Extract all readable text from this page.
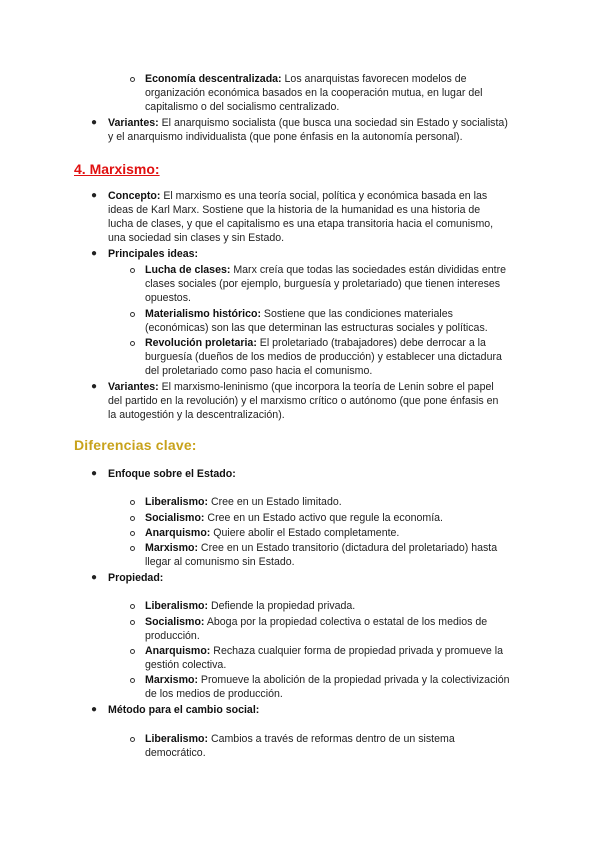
Economía descentralizada: Los anarquistas favorecen modelos de
organización económica basados en la cooperación mutua, en lugar del
capitalismo o del socialismo centralizado.
● Variantes: El anarquismo socialista (que busca una sociedad sin Estado y socialista)
y el anarquismo individualista (que pone énfasis en la autonomía personal).
4. Marxismo:
● Concepto: El marxismo es una teoría social, política y económica basada en las
ideas de Karl Marx. Sostiene que la historia de la humanidad es una historia de
lucha de clases, y que el capitalismo es una etapa transitoria hacia el comunismo,
una sociedad sin clases y sin Estado.
● Principales ideas:
Lucha de clases: Marx creía que todas las sociedades están divididas entre
clases sociales (por ejemplo, burguesía y proletariado) que tienen intereses
opuestos.
Materialismo histórico: Sostiene que las condiciones materiales
(económicas) son las que determinan las estructuras sociales y políticas.
Revolución proletaria: El proletariado (trabajadores) debe derrocar a la
burguesía (dueños de los medios de producción) y establecer una dictadura
del proletariado como paso hacia el comunismo.
● Variantes: El marxismo-leninismo (que incorpora la teoría de Lenin sobre el papel
del partido en la revolución) y el marxismo crítico o autónomo (que pone énfasis en
la autogestión y la descentralización).
Diferencias clave:
● Enfoque sobre el Estado:
Liberalismo: Cree en un Estado limitado.
Socialismo: Cree en un Estado activo que regule la economía.
Anarquismo: Quiere abolir el Estado completamente.
Marxismo: Cree en un Estado transitorio (dictadura del proletariado) hasta
llegar al comunismo sin Estado.
● Propiedad:
Liberalismo: Defiende la propiedad privada.
Socialismo: Aboga por la propiedad colectiva o estatal de los medios de
producción.
Anarquismo: Rechaza cualquier forma de propiedad privada y promueve la
gestión colectiva.
Marxismo: Promueve la abolición de la propiedad privada y la colectivización
de los medios de producción.
● Método para el cambio social:
Liberalismo: Cambios a través de reformas dentro de un sistema
democrático.
